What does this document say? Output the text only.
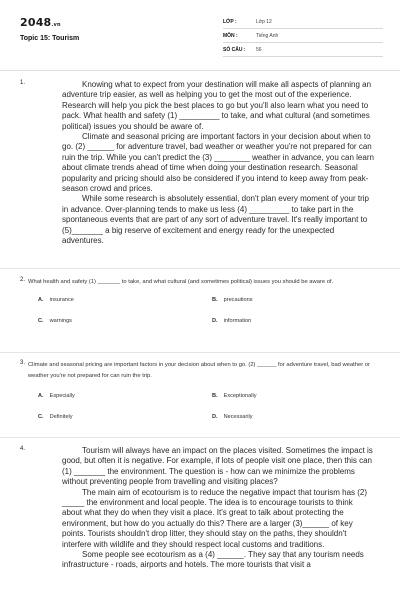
2048.vn
Topic 15: Tourism
LỚP :	Lớp 12
MÔN :	Tiếng Anh
SỐ CÂU :	56
1.	Knowing what to expect from your destination will make all aspects of planning an adventure trip easier, as well as helping you to get the most out of the experience. Research will help you pick the best places to go but you'll also learn what you need to pack. What health and safety (1) _________ to take, and what cultural (and sometimes political) issues you should be aware of.

Climate and seasonal pricing are important factors in your decision about when to go. (2) ______ for adventure travel, bad weather or weather you're not prepared for can ruin the trip. While you can't predict the (3) ________ weather in advance, you can learn about climate trends ahead of time when doing your destination research. Seasonal popularity and pricing should also be considered if you intend to keep away from peak-season crowd and prices.

While some research is absolutely essential, don't plan every moment of your trip in advance. Over-planning tends to make us less (4) _________ to take part in the spontaneous events that are part of any sort of adventure travel. It's really important to (5)_______ a big reserve of excitement and energy ready for the unexpected adventures.

2. What health and safety (1) _______ to take, and what cultural (and sometimes political) issues you should be aware of.
A. insurance	B. precautions
C. warnings	D. information
3. Climate and seasonal pricing are important factors in your decision about when to go. (2) ______ for adventure travel, bad weather or weather you're not prepared for can ruin the trip.
A. Especially	B. Exceptionally
C. Definitely	D. Necessarily
4.	Tourism will always have an impact on the places visited. Sometimes the impact is good, but often it is negative. For example, if lots of people visit one place, then this can (1) _______ the environment. The question is - how can we minimize the problems without preventing people from travelling and visiting places?

The main aim of ecotourism is to reduce the negative impact that tourism has (2) _____ the environment and local people. The idea is to encourage tourists to think about what they do when they visit a place. It's great to talk about protecting the environment, but how do you actually do this? There are a larger (3)______ of key points. Tourists shouldn't drop litter, they should stay on the paths, they shouldn't interfere with wildlife and they should respect local customs and traditions.

Some people see ecotourism as a (4) ______. They say that any tourism needs infrastructure - roads, airports and hotels. The more tourists that visit a
